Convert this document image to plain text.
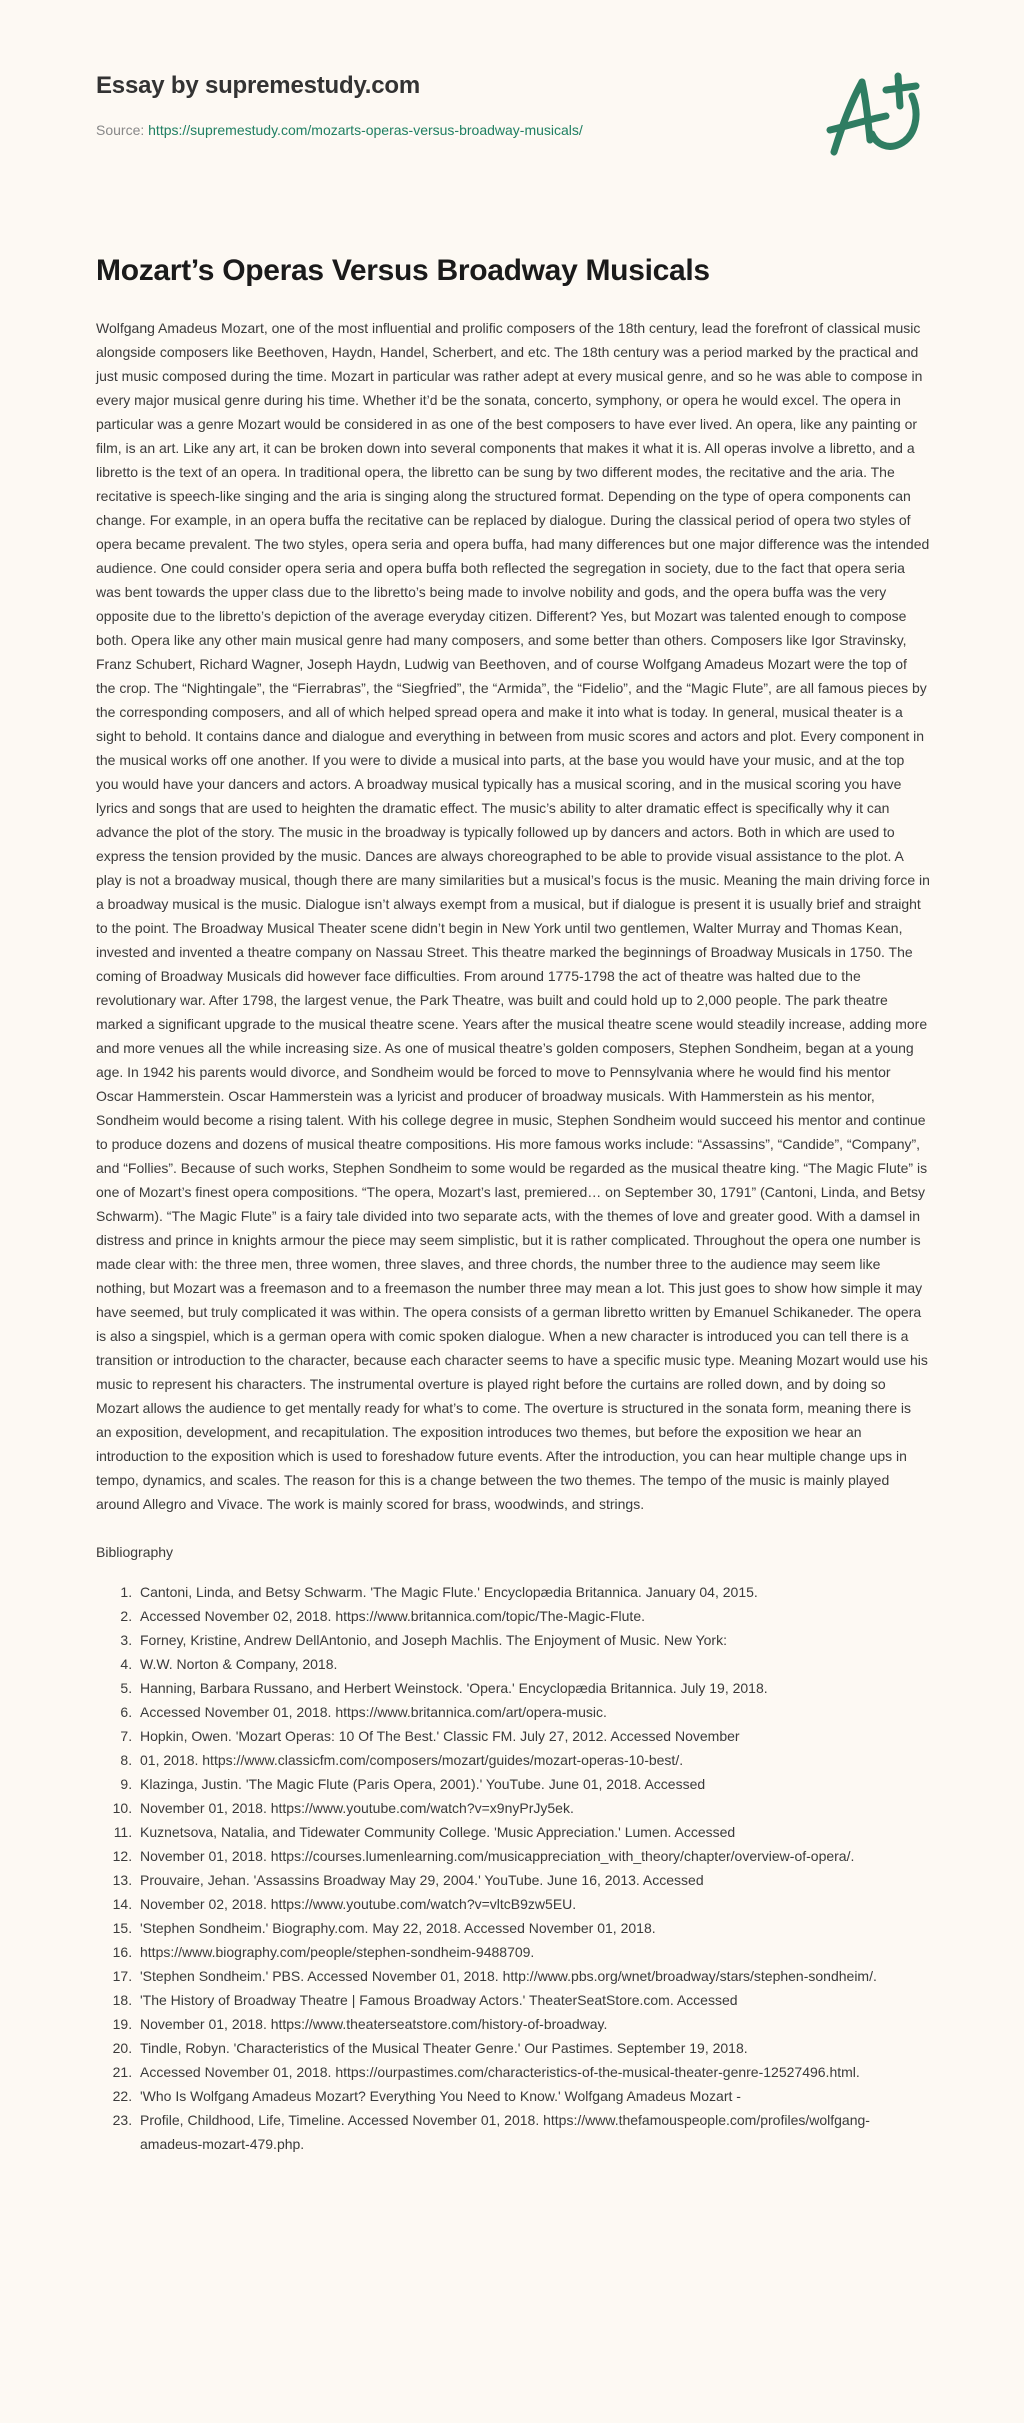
Essay by supremestudy.com
Source: https://supremestudy.com/mozarts-operas-versus-broadway-musicals/
Mozart’s Operas Versus Broadway Musicals

Wolfgang Amadeus Mozart, one of the most influential and prolific composers of the 18th century, lead the forefront of classical music alongside composers like Beethoven, Haydn, Handel, Scherbert, and etc. The 18th century was a period marked by the practical and just music composed during the time. Mozart in particular was rather adept at every musical genre, and so he was able to compose in every major musical genre during his time. Whether it’d be the sonata, concerto, symphony, or opera he would excel. The opera in particular was a genre Mozart would be considered in as one of the best composers to have ever lived. An opera, like any painting or film, is an art. Like any art, it can be broken down into several components that makes it what it is. All operas involve a libretto, and a libretto is the text of an opera. In traditional opera, the libretto can be sung by two different modes, the recitative and the aria. The recitative is speech-like singing and the aria is singing along the structured format. Depending on the type of opera components can change. For example, in an opera buffa the recitative can be replaced by dialogue. During the classical period of opera two styles of opera became prevalent. The two styles, opera seria and opera buffa, had many differences but one major difference was the intended audience. One could consider opera seria and opera buffa both reflected the segregation in society, due to the fact that opera seria was bent towards the upper class due to the libretto’s being made to involve nobility and gods, and the opera buffa was the very opposite due to the libretto’s depiction of the average everyday citizen. Different? Yes, but Mozart was talented enough to compose both. Opera like any other main musical genre had many composers, and some better than others. Composers like Igor Stravinsky, Franz Schubert, Richard Wagner, Joseph Haydn, Ludwig van Beethoven, and of course Wolfgang Amadeus Mozart were the top of the crop. The “Nightingale”, the “Fierrabras”, the “Siegfried”, the “Armida”, the “Fidelio”, and the “Magic Flute”, are all famous pieces by the corresponding composers, and all of which helped spread opera and make it into what is today. In general, musical theater is a sight to behold. It contains dance and dialogue and everything in between from music scores and actors and plot. Every component in the musical works off one another. If you were to divide a musical into parts, at the base you would have your music, and at the top you would have your dancers and actors. A broadway musical typically has a musical scoring, and in the musical scoring you have lyrics and songs that are used to heighten the dramatic effect. The music’s ability to alter dramatic effect is specifically why it can advance the plot of the story. The music in the broadway is typically followed up by dancers and actors. Both in which are used to express the tension provided by the music. Dances are always choreographed to be able to provide visual assistance to the plot. A play is not a broadway musical, though there are many similarities but a musical’s focus is the music. Meaning the main driving force in a broadway musical is the music. Dialogue isn’t always exempt from a musical, but if dialogue is present it is usually brief and straight to the point. The Broadway Musical Theater scene didn’t begin in New York until two gentlemen, Walter Murray and Thomas Kean, invested and invented a theatre company on Nassau Street. This theatre marked the beginnings of Broadway Musicals in 1750. The coming of Broadway Musicals did however face difficulties. From around 1775-1798 the act of theatre was halted due to the revolutionary war. After 1798, the largest venue, the Park Theatre, was built and could hold up to 2,000 people. The park theatre marked a significant upgrade to the musical theatre scene. Years after the musical theatre scene would steadily increase, adding more and more venues all the while increasing size. As one of musical theatre’s golden composers, Stephen Sondheim, began at a young age. In 1942 his parents would divorce, and Sondheim would be forced to move to Pennsylvania where he would find his mentor Oscar Hammerstein. Oscar Hammerstein was a lyricist and producer of broadway musicals. With Hammerstein as his mentor, Sondheim would become a rising talent. With his college degree in music, Stephen Sondheim would succeed his mentor and continue to produce dozens and dozens of musical theatre compositions. His more famous works include: “Assassins”, “Candide”, “Company”, and “Follies”. Because of such works, Stephen Sondheim to some would be regarded as the musical theatre king. “The Magic Flute” is one of Mozart’s finest opera compositions. “The opera, Mozart’s last, premiered… on September 30, 1791” (Cantoni, Linda, and Betsy Schwarm). “The Magic Flute” is a fairy tale divided into two separate acts, with the themes of love and greater good. With a damsel in distress and prince in knights armour the piece may seem simplistic, but it is rather complicated. Throughout the opera one number is made clear with: the three men, three women, three slaves, and three chords, the number three to the audience may seem like nothing, but Mozart was a freemason and to a freemason the number three may mean a lot. This just goes to show how simple it may have seemed, but truly complicated it was within. The opera consists of a german libretto written by Emanuel Schikaneder. The opera is also a singspiel, which is a german opera with comic spoken dialogue. When a new character is introduced you can tell there is a transition or introduction to the character, because each character seems to have a specific music type. Meaning Mozart would use his music to represent his characters. The instrumental overture is played right before the curtains are rolled down, and by doing so Mozart allows the audience to get mentally ready for what’s to come. The overture is structured in the sonata form, meaning there is an exposition, development, and recapitulation. The exposition introduces two themes, but before the exposition we hear an introduction to the exposition which is used to foreshadow future events. After the introduction, you can hear multiple change ups in tempo, dynamics, and scales. The reason for this is a change between the two themes. The tempo of the music is mainly played around Allegro and Vivace. The work is mainly scored for brass, woodwinds, and strings.

Bibliography

1. Cantoni, Linda, and Betsy Schwarm. 'The Magic Flute.' Encyclopædia Britannica. January 04, 2015.
2. Accessed November 02, 2018. https://www.britannica.com/topic/The-Magic-Flute.
3. Forney, Kristine, Andrew DellAntonio, and Joseph Machlis. The Enjoyment of Music. New York:
4. W.W. Norton & Company, 2018.
5. Hanning, Barbara Russano, and Herbert Weinstock. 'Opera.' Encyclopædia Britannica. July 19, 2018.
6. Accessed November 01, 2018. https://www.britannica.com/art/opera-music.
7. Hopkin, Owen. 'Mozart Operas: 10 Of The Best.' Classic FM. July 27, 2012. Accessed November
8. 01, 2018. https://www.classicfm.com/composers/mozart/guides/mozart-operas-10-best/.
9. Klazinga, Justin. 'The Magic Flute (Paris Opera, 2001).' YouTube. June 01, 2018. Accessed
10. November 01, 2018. https://www.youtube.com/watch?v=x9nyPrJy5ek.
11. Kuznetsova, Natalia, and Tidewater Community College. 'Music Appreciation.' Lumen. Accessed
12. November 01, 2018. https://courses.lumenlearning.com/musicappreciation_with_theory/chapter/overview-of-opera/.
13. Prouvaire, Jehan. 'Assassins Broadway May 29, 2004.' YouTube. June 16, 2013. Accessed
14. November 02, 2018. https://www.youtube.com/watch?v=vltcB9zw5EU.
15. 'Stephen Sondheim.' Biography.com. May 22, 2018. Accessed November 01, 2018.
16. https://www.biography.com/people/stephen-sondheim-9488709.
17. 'Stephen Sondheim.' PBS. Accessed November 01, 2018. http://www.pbs.org/wnet/broadway/stars/stephen-sondheim/.
18. 'The History of Broadway Theatre | Famous Broadway Actors.' TheaterSeatStore.com. Accessed
19. November 01, 2018. https://www.theaterseatstore.com/history-of-broadway.
20. Tindle, Robyn. 'Characteristics of the Musical Theater Genre.' Our Pastimes. September 19, 2018.
21. Accessed November 01, 2018. https://ourpastimes.com/characteristics-of-the-musical-theater-genre-12527496.html.
22. 'Who Is Wolfgang Amadeus Mozart? Everything You Need to Know.' Wolfgang Amadeus Mozart -
23. Profile, Childhood, Life, Timeline. Accessed November 01, 2018. https://www.thefamouspeople.com/profiles/wolfgang-amadeus-mozart-479.php.
